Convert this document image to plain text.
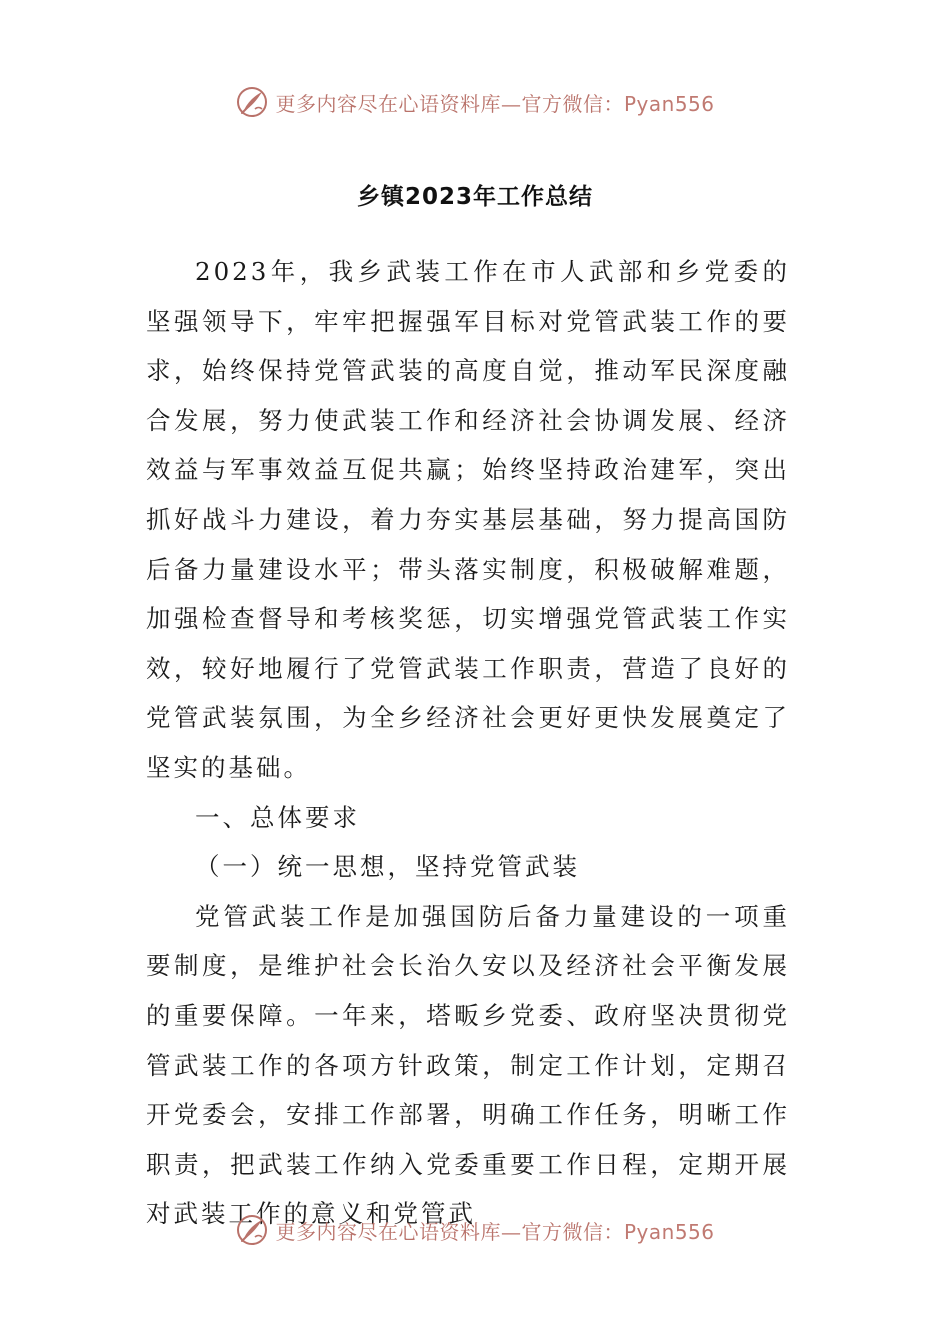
更多内容尽在心语资料库—官方微信：Pyan556
乡镇2023年工作总结

2023年，我乡武装工作在市人武部和乡党委的坚强领导下，牢牢把握强军目标对党管武装工作的要求，始终保持党管武装的高度自觉，推动军民深度融合发展，努力使武装工作和经济社会协调发展、经济效益与军事效益互促共赢；始终坚持政治建军，突出抓好战斗力建设，着力夯实基层基础，努力提高国防后备力量建设水平；带头落实制度，积极破解难题，加强检查督导和考核奖惩，切实增强党管武装工作实效，较好地履行了党管武装工作职责，营造了良好的党管武装氛围，为全乡经济社会更好更快发展奠定了坚实的基础。

一、总体要求

（一）统一思想，坚持党管武装

党管武装工作是加强国防后备力量建设的一项重要制度，是维护社会长治久安以及经济社会平衡发展的重要保障。一年来，塔畈乡党委、政府坚决贯彻党管武装工作的各项方针政策，制定工作计划，定期召开党委会，安排工作部署，明确工作任务，明晰工作职责，把武装工作纳入党委重要工作日程，定期开展对武装工作的意义和党管武

更多内容尽在心语资料库—官方微信：Pyan556
